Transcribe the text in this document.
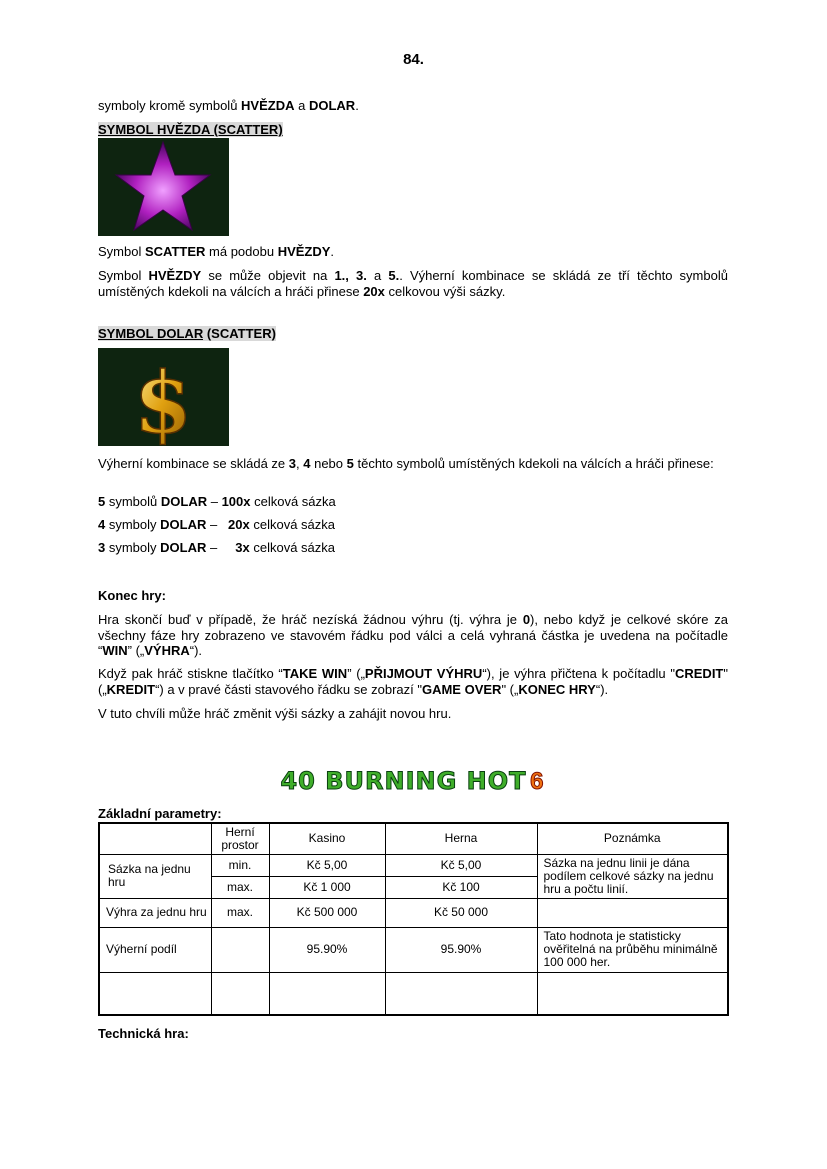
84.
symboly kromě symbolů HVĚZDA a DOLAR.
SYMBOL HVĚZDA (SCATTER)
Symbol SCATTER má podobu HVĚZDY.
Symbol HVĚZDY se může objevit na 1., 3. a 5.. Výherní kombinace se skládá ze tří těchto symbolů umístěných kdekoli na válcích a hráči přinese 20x celkovou výši sázky.
SYMBOL DOLAR (SCATTER)
$
Výherní kombinace se skládá ze 3, 4 nebo 5 těchto symbolů umístěných kdekoli na válcích a hráči přinese:
5 symbolů DOLAR – 100x celková sázka
4 symboly DOLAR –   20x celková sázka
3 symboly DOLAR –     3x celková sázka
Konec hry:
Hra skončí buď v případě, že hráč nezíská žádnou výhru (tj. výhra je 0), nebo když je celkové skóre za všechny fáze hry zobrazeno ve stavovém řádku pod válci a celá vyhraná částka je uvedena na počítadle “WIN” („VÝHRA“).
Když pak hráč stiskne tlačítko “TAKE WIN” („PŘIJMOUT VÝHRU“), je výhra přičtena k počítadlu "CREDIT" („KREDIT“) a v pravé části stavového řádku se zobrazí "GAME OVER" („KONEC HRY“).
V tuto chvíli může hráč změnit výši sázky a zahájit novou hru.
40 BURNING HOT 6
Základní parametry:
	Herní prostor	Kasino	Herna	Poznámka
Sázka na jednu hru	min.	Kč 5,00	Kč 5,00	Sázka na jednu linii je dána podílem celkové sázky na jednu hru a počtu linií.
	max.	Kč 1 000	Kč 100	
Výhra za jednu hru	max.	Kč 500 000	Kč 50 000	
Výherní podíl		95.90%	95.90%	Tato hodnota je statisticky ověřitelná na průběhu minimálně 100 000 her.

Technická hra:
